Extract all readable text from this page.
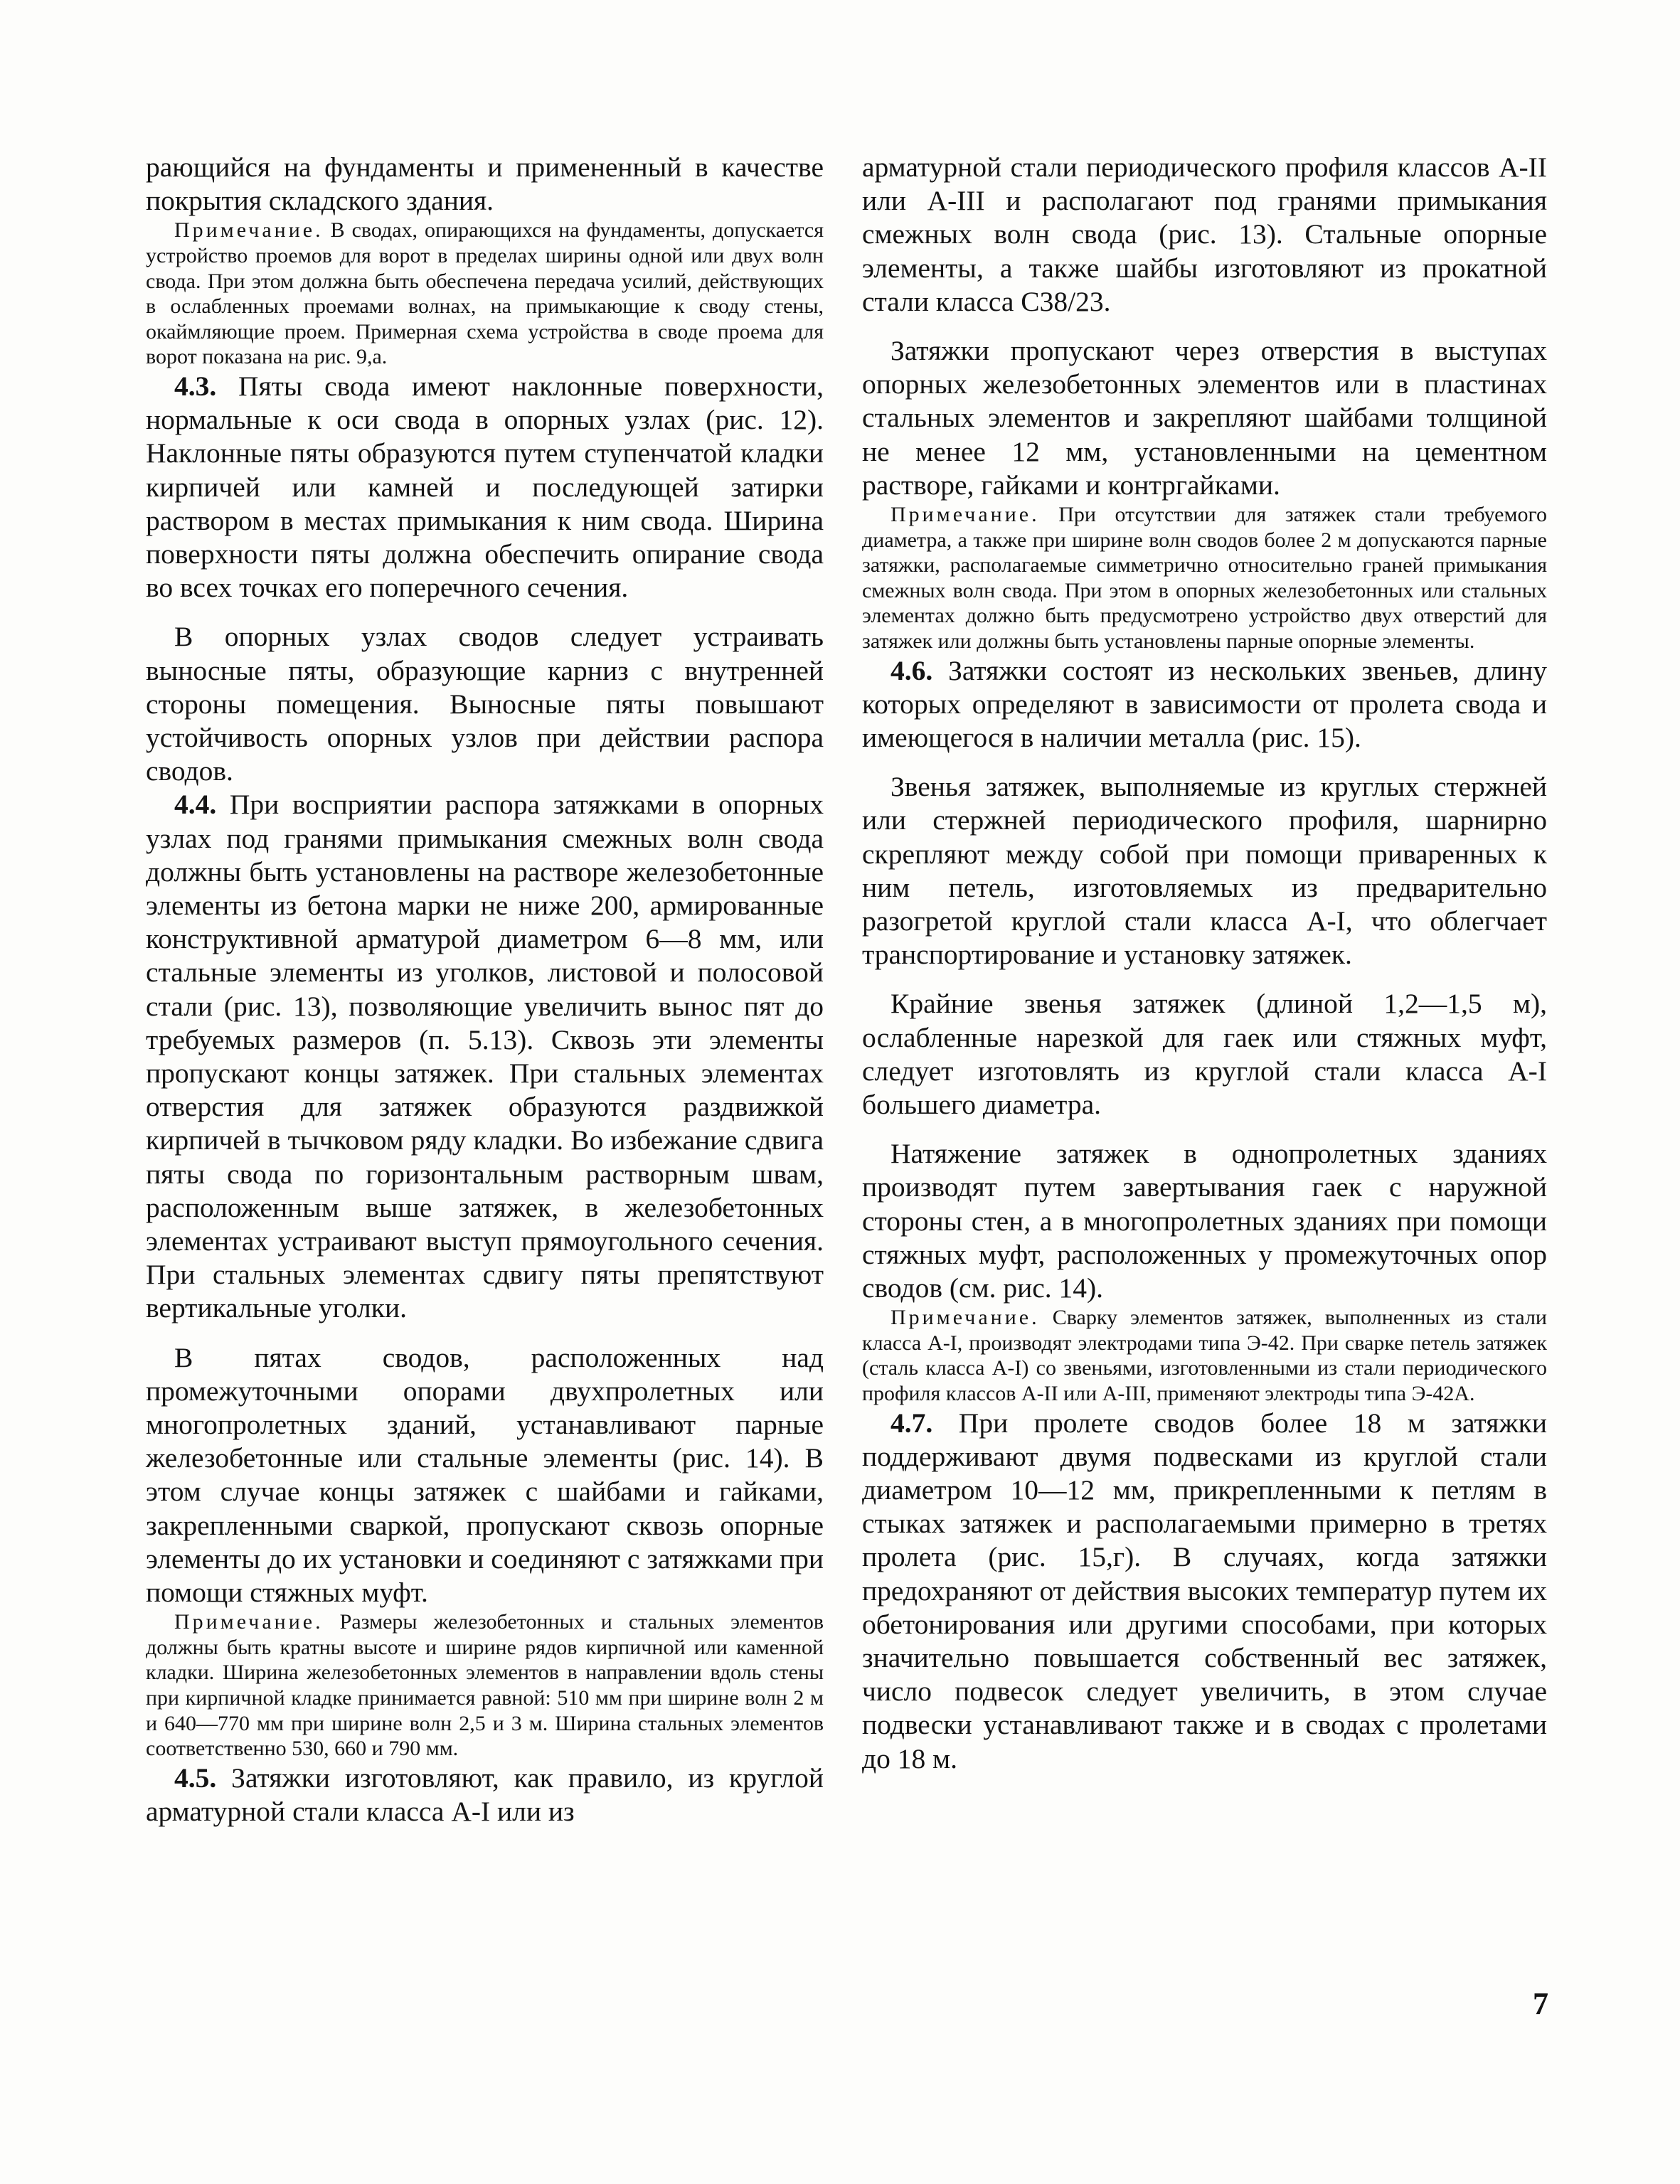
рающийся на фундаменты и примененный в качестве покрытия складского здания.

Примечание. В сводах, опирающихся на фундаменты, допускается устройство проемов для ворот в пределах ширины одной или двух волн свода. При этом должна быть обеспечена передача усилий, действующих в ослабленных проемами волнах, на примыкающие к своду стены, окаймляющие проем. Примерная схема устройства в своде проема для ворот показана на рис. 9,а.

4.3. Пяты свода имеют наклонные поверхности, нормальные к оси свода в опорных узлах (рис. 12). Наклонные пяты образуются путем ступенчатой кладки кирпичей или камней и последующей затирки раствором в местах примыкания к ним свода. Ширина поверхности пяты должна обеспечить опирание свода во всех точках его поперечного сечения.

В опорных узлах сводов следует устраивать выносные пяты, образующие карниз с внутренней стороны помещения. Выносные пяты повышают устойчивость опорных узлов при действии распора сводов.

4.4. При восприятии распора затяжками в опорных узлах под гранями примыкания смежных волн свода должны быть установлены на растворе железобетонные элементы из бетона марки не ниже 200, армированные конструктивной арматурой диаметром 6—8 мм, или стальные элементы из уголков, листовой и полосовой стали (рис. 13), позволяющие увеличить вынос пят до требуемых размеров (п. 5.13). Сквозь эти элементы пропускают концы затяжек. При стальных элементах отверстия для затяжек образуются раздвижкой кирпичей в тычковом ряду кладки. Во избежание сдвига пяты свода по горизонтальным растворным швам, расположенным выше затяжек, в железобетонных элементах устраивают выступ прямоугольного сечения. При стальных элементах сдвигу пяты препятствуют вертикальные уголки.

В пятах сводов, расположенных над промежуточными опорами двухпролетных или многопролетных зданий, устанавливают парные железобетонные или стальные элементы (рис. 14). В этом случае концы затяжек с шайбами и гайками, закрепленными сваркой, пропускают сквозь опорные элементы до их установки и соединяют с затяжками при помощи стяжных муфт.

Примечание. Размеры железобетонных и стальных элементов должны быть кратны высоте и ширине рядов кирпичной или каменной кладки. Ширина железобетонных элементов в направлении вдоль стены при кирпичной кладке принимается равной: 510 мм при ширине волн 2 м и 640—770 мм при ширине волн 2,5 и 3 м. Ширина стальных элементов соответственно 530, 660 и 790 мм.

4.5. Затяжки изготовляют, как правило, из круглой арматурной стали класса А-I или из

арматурной стали периодического профиля классов А-II или А-III и располагают под гранями примыкания смежных волн свода (рис. 13). Стальные опорные элементы, а также шайбы изготовляют из прокатной стали класса С38/23.

Затяжки пропускают через отверстия в выступах опорных железобетонных элементов или в пластинах стальных элементов и закрепляют шайбами толщиной не менее 12 мм, установленными на цементном растворе, гайками и контргайками.

Примечание. При отсутствии для затяжек стали требуемого диаметра, а также при ширине волн сводов более 2 м допускаются парные затяжки, располагаемые симметрично относительно граней примыкания смежных волн свода. При этом в опорных железобетонных или стальных элементах должно быть предусмотрено устройство двух отверстий для затяжек или должны быть установлены парные опорные элементы.

4.6. Затяжки состоят из нескольких звеньев, длину которых определяют в зависимости от пролета свода и имеющегося в наличии металла (рис. 15).

Звенья затяжек, выполняемые из круглых стержней или стержней периодического профиля, шарнирно скрепляют между собой при помощи приваренных к ним петель, изготовляемых из предварительно разогретой круглой стали класса А-I, что облегчает транспортирование и установку затяжек.

Крайние звенья затяжек (длиной 1,2—1,5 м), ослабленные нарезкой для гаек или стяжных муфт, следует изготовлять из круглой стали класса А-I большего диаметра.

Натяжение затяжек в однопролетных зданиях производят путем завертывания гаек с наружной стороны стен, а в многопролетных зданиях при помощи стяжных муфт, расположенных у промежуточных опор сводов (см. рис. 14).

Примечание. Сварку элементов затяжек, выполненных из стали класса А-I, производят электродами типа Э-42. При сварке петель затяжек (сталь класса А-I) со звеньями, изготовленными из стали периодического профиля классов А-II или А-III, применяют электроды типа Э-42А.

4.7. При пролете сводов более 18 м затяжки поддерживают двумя подвесками из круглой стали диаметром 10—12 мм, прикрепленными к петлям в стыках затяжек и располагаемыми примерно в третях пролета (рис. 15,г). В случаях, когда затяжки предохраняют от действия высоких температур путем их обетонирования или другими способами, при которых значительно повышается собственный вес затяжек, число подвесок следует увеличить, в этом случае подвески устанавливают также и в сводах с пролетами до 18 м.

7
